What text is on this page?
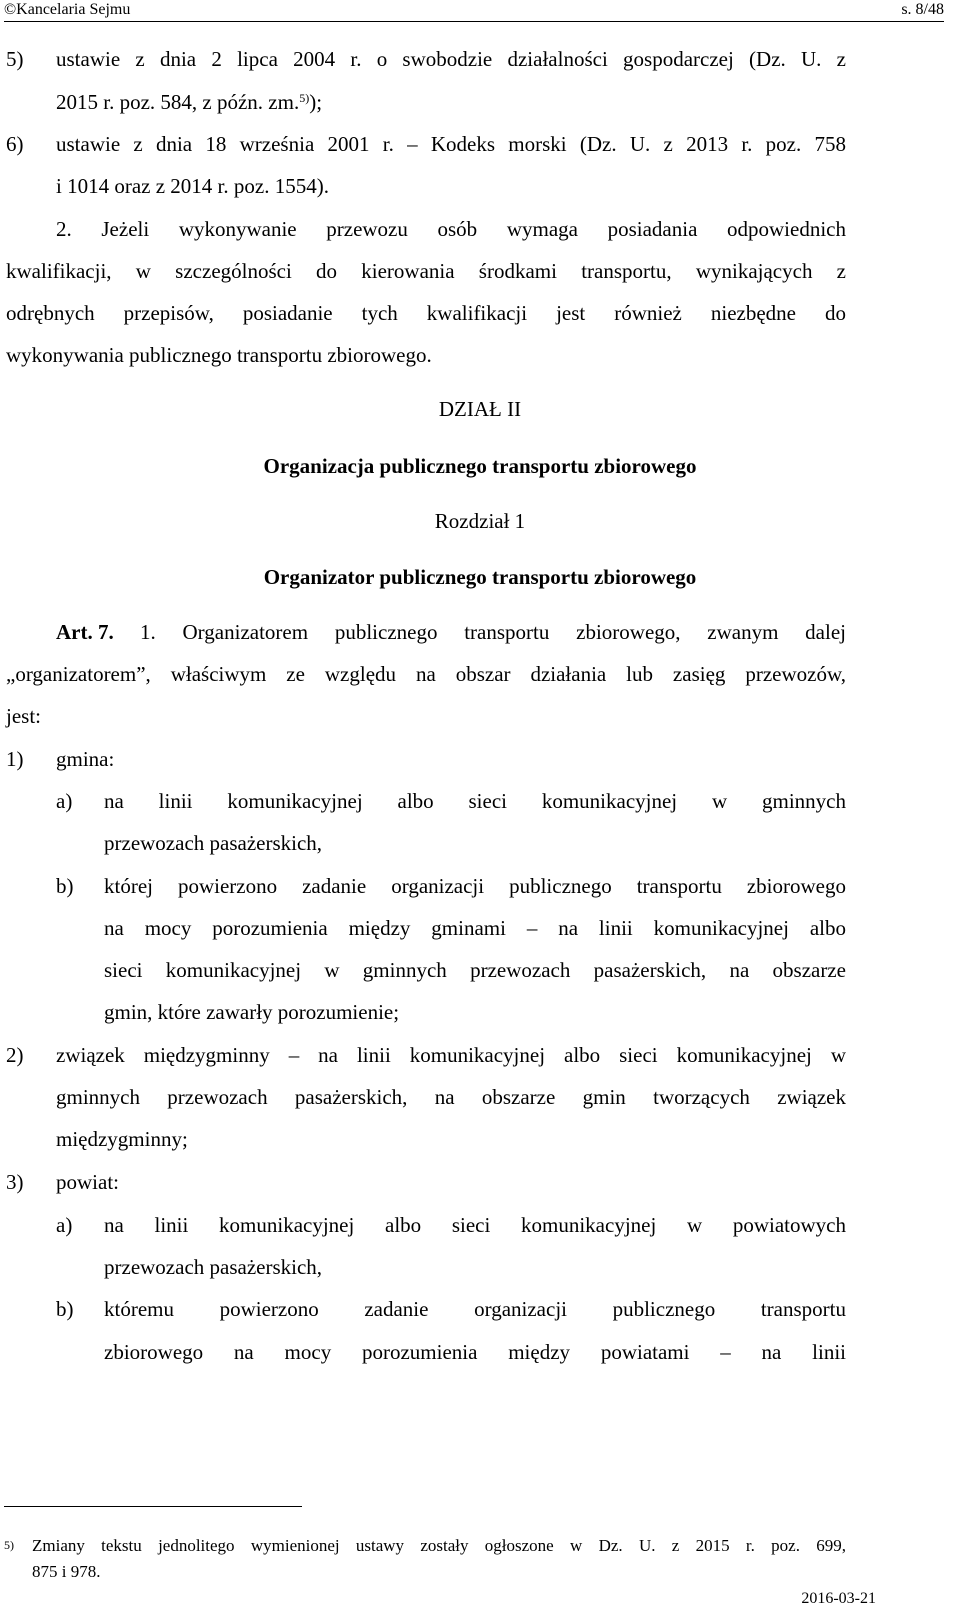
©Kancelaria Sejmu	s. 8/48
5) ustawie z dnia 2 lipca 2004 r. o swobodzie działalności gospodarczej (Dz. U. z
2015 r. poz. 584, z późn. zm.$^{5)}$);
6) ustawie z dnia 18 września 2001 r. – Kodeks morski (Dz. U. z 2013 r. poz. 758
i 1014 oraz z 2014 r. poz. 1554).
2. Jeżeli wykonywanie przewozu osób wymaga posiadania odpowiednich
kwalifikacji, w szczególności do kierowania środkami transportu, wynikających z
odrębnych przepisów, posiadanie tych kwalifikacji jest również niezbędne do
wykonywania publicznego transportu zbiorowego.
DZIAŁ II
Organizacja publicznego transportu zbiorowego
Rozdział 1
Organizator publicznego transportu zbiorowego
Art. 7. 1. Organizatorem publicznego transportu zbiorowego, zwanym dalej
„organizatorem”, właściwym ze względu na obszar działania lub zasięg przewozów,
jest:
1) gmina:
a) na linii komunikacyjnej albo sieci komunikacyjnej w gminnych
przewozach pasażerskich,
b) której powierzono zadanie organizacji publicznego transportu zbiorowego
na mocy porozumienia między gminami – na linii komunikacyjnej albo
sieci komunikacyjnej w gminnych przewozach pasażerskich, na obszarze
gmin, które zawarły porozumienie;
2) związek międzygminny – na linii komunikacyjnej albo sieci komunikacyjnej w
gminnych przewozach pasażerskich, na obszarze gmin tworzących związek
międzygminny;
3) powiat:
a) na linii komunikacyjnej albo sieci komunikacyjnej w powiatowych
przewozach pasażerskich,
b) któremu powierzono zadanie organizacji publicznego transportu
zbiorowego na mocy porozumienia między powiatami – na linii
5) Zmiany tekstu jednolitego wymienionej ustawy zostały ogłoszone w Dz. U. z 2015 r. poz. 699,
875 i 978.
2016-03-21
